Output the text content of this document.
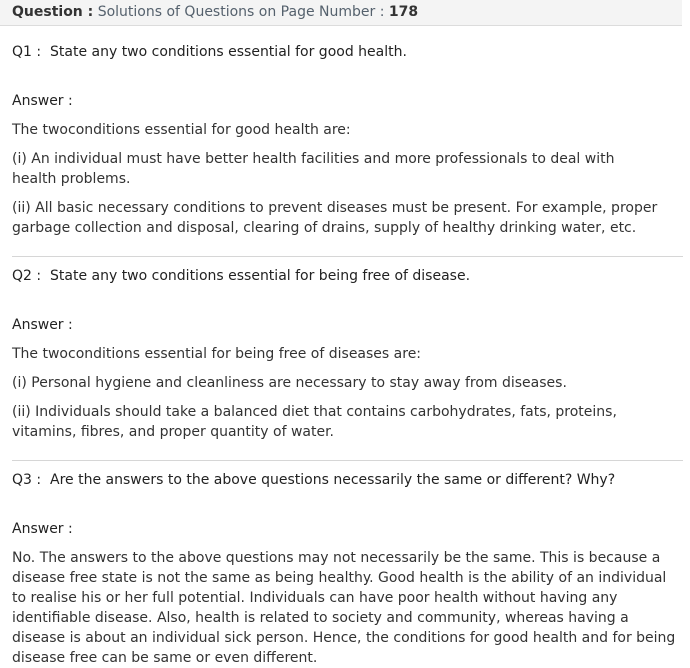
Question : Solutions of Questions on Page Number : 178
Q1 : State any two conditions essential for good health.
Answer :

The twoconditions essential for good health are:

(i) An individual must have better health facilities and more professionals to deal with health problems.

(ii) All basic necessary conditions to prevent diseases must be present. For example, proper garbage collection and disposal, clearing of drains, supply of healthy drinking water, etc.

Q2 : State any two conditions essential for being free of disease.
Answer :

The twoconditions essential for being free of diseases are:

(i) Personal hygiene and cleanliness are necessary to stay away from diseases.

(ii) Individuals should take a balanced diet that contains carbohydrates, fats, proteins, vitamins, fibres, and proper quantity of water.

Q3 : Are the answers to the above questions necessarily the same or different? Why?
Answer :

No. The answers to the above questions may not necessarily be the same. This is because a disease free state is not the same as being healthy. Good health is the ability of an individual to realise his or her full potential. Individuals can have poor health without having any identifiable disease. Also, health is related to society and community, whereas having a disease is about an individual sick person. Hence, the conditions for good health and for being disease free can be same or even different.
